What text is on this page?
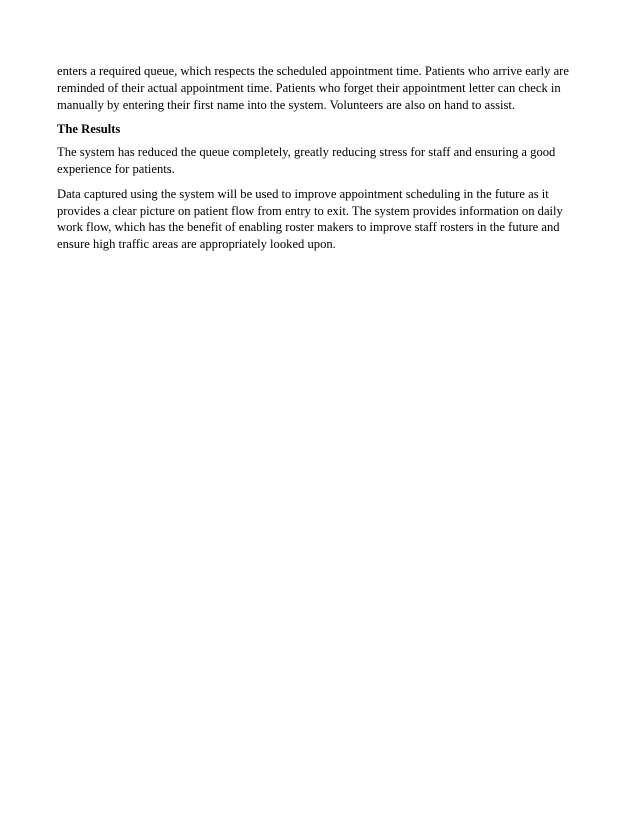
enters a required queue, which respects the scheduled appointment time. Patients who arrive early are
reminded of their actual appointment time. Patients who forget their appointment letter can check in
manually by entering their first name into the system. Volunteers are also on hand to assist.

The Results

The system has reduced the queue completely, greatly reducing stress for staff and ensuring a good
experience for patients.

Data captured using the system will be used to improve appointment scheduling in the future as it
provides a clear picture on patient flow from entry to exit. The system provides information on daily
work flow, which has the benefit of enabling roster makers to improve staff rosters in the future and
ensure high traffic areas are appropriately looked upon.
